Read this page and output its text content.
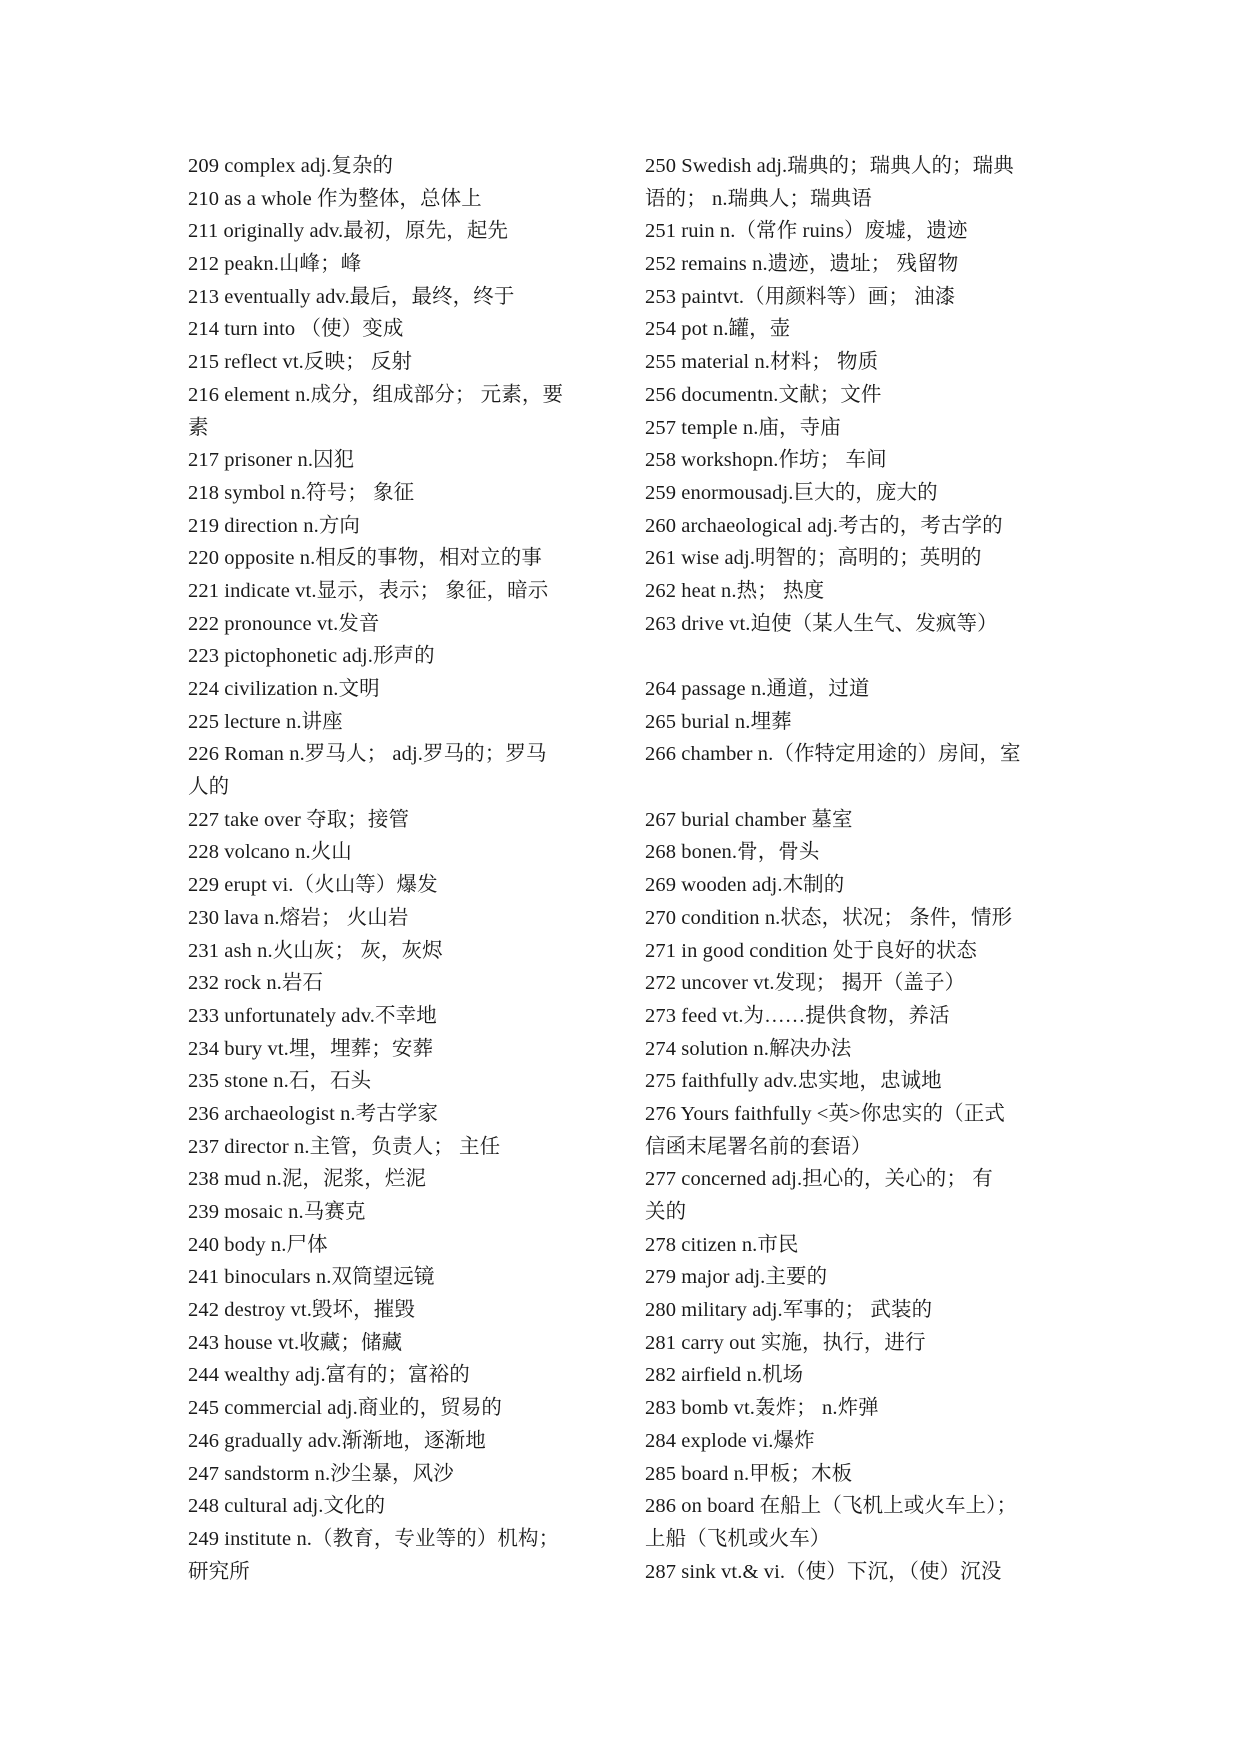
209 complex adj.复杂的
210 as a whole 作为整体，总体上
211 originally adv.最初，原先，起先
212 peakn.山峰；峰
213 eventually adv.最后，最终，终于
214 turn into （使）变成
215 reflect vt.反映； 反射
216 element n.成分，组成部分； 元素，要
素
217 prisoner n.囚犯
218 symbol n.符号； 象征
219 direction n.方向
220 opposite n.相反的事物，相对立的事
221 indicate vt.显示，表示； 象征，暗示
222 pronounce vt.发音
223 pictophonetic adj.形声的
224 civilization n.文明
225 lecture n.讲座
226 Roman n.罗马人； adj.罗马的；罗马
人的
227 take over 夺取；接管
228 volcano n.火山
229 erupt vi.（火山等）爆发
230 lava n.熔岩； 火山岩
231 ash n.火山灰； 灰，灰烬
232 rock n.岩石
233 unfortunately adv.不幸地
234 bury vt.埋，埋葬；安葬
235 stone n.石，石头
236 archaeologist n.考古学家
237 director n.主管，负责人； 主任
238 mud n.泥，泥浆，烂泥
239 mosaic n.马赛克
240 body n.尸体
241 binoculars n.双筒望远镜
242 destroy vt.毁坏，摧毁
243 house vt.收藏；储藏
244 wealthy adj.富有的；富裕的
245 commercial adj.商业的，贸易的
246 gradually adv.渐渐地，逐渐地
247 sandstorm n.沙尘暴，风沙
248 cultural adj.文化的
249 institute n.（教育，专业等的）机构；
研究所
250 Swedish adj.瑞典的；瑞典人的；瑞典
语的； n.瑞典人；瑞典语
251 ruin n.（常作 ruins）废墟，遗迹
252 remains n.遗迹，遗址； 残留物
253 paintvt.（用颜料等）画； 油漆
254 pot n.罐，壶
255 material n.材料； 物质
256 documentn.文献；文件
257 temple n.庙，寺庙
258 workshopn.作坊； 车间
259 enormousadj.巨大的，庞大的
260 archaeological adj.考古的，考古学的
261 wise adj.明智的；高明的；英明的
262 heat n.热； 热度
263 drive vt.迫使（某人生气、发疯等）
264 passage n.通道，过道
265 burial n.埋葬
266 chamber n.（作特定用途的）房间，室
267 burial chamber 墓室
268 bonen.骨，骨头
269 wooden adj.木制的
270 condition n.状态，状况； 条件，情形
271 in good condition 处于良好的状态
272 uncover vt.发现； 揭开（盖子）
273 feed vt.为……提供食物，养活
274 solution n.解决办法
275 faithfully adv.忠实地，忠诚地
276 Yours faithfully <英>你忠实的（正式
信函末尾署名前的套语）
277 concerned adj.担心的，关心的； 有
关的
278 citizen n.市民
279 major adj.主要的
280 military adj.军事的； 武装的
281 carry out 实施，执行，进行
282 airfield n.机场
283 bomb vt.轰炸； n.炸弹
284 explode vi.爆炸
285 board n.甲板；木板
286 on board 在船上（飞机上或火车上）；
上船（飞机或火车）
287 sink vt.& vi.（使）下沉，（使）沉没
